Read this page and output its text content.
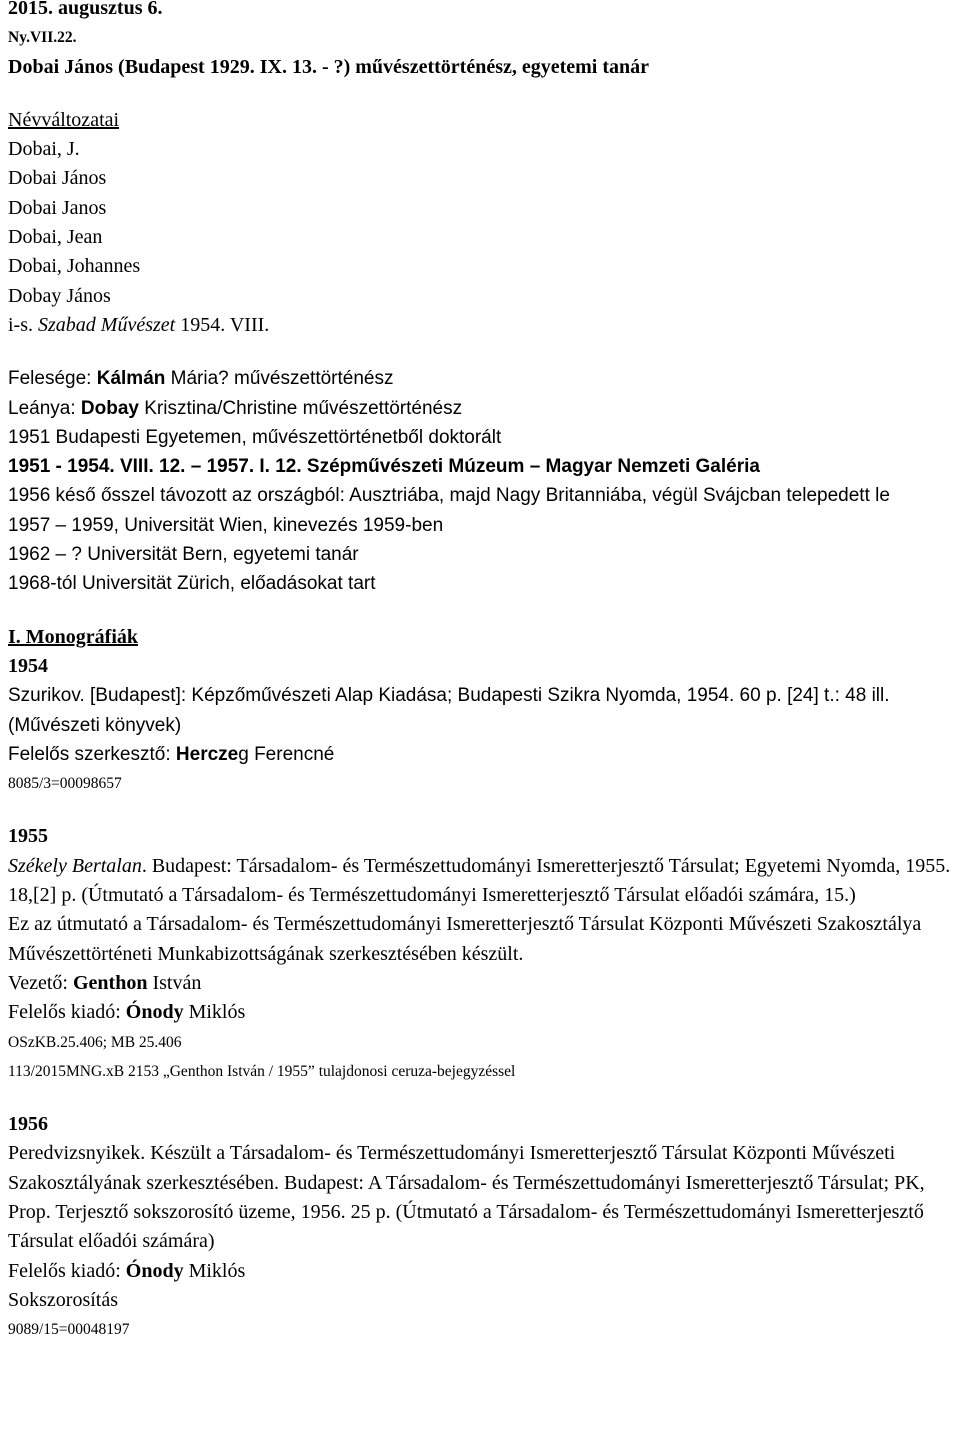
2015. augusztus 6.
Ny.VII.22.
Dobai János (Budapest 1929. IX. 13. - ?) művészettörténész, egyetemi tanár
Névváltozatai
Dobai, J.
Dobai János
Dobai Janos
Dobai, Jean
Dobai, Johannes
Dobay János
i-s. Szabad Művészet 1954. VIII.
Felesége: Kálmán Mária? művészettörténész
Leánya: Dobay Krisztina/Christine művészettörténész
1951 Budapesti Egyetemen, művészettörténetből doktorált
1951 - 1954. VIII. 12. – 1957. I. 12. Szépművészeti Múzeum – Magyar Nemzeti Galéria
1956 késő ősszel távozott az országból: Ausztriába, majd Nagy Britanniába, végül Svájcban telepedett le
1957 – 1959, Universität Wien, kinevezés 1959-ben
1962 – ? Universität Bern, egyetemi tanár
1968-tól Universität Zürich, előadásokat tart
I. Monográfiák
1954
Szurikov. [Budapest]: Képzőművészeti Alap Kiadása; Budapesti Szikra Nyomda, 1954. 60 p. [24] t.: 48 ill. (Művészeti könyvek)
Felelős szerkesztő: Herczeg Ferencné
8085/3=00098657
1955
Székely Bertalan. Budapest: Társadalom- és Természettudományi Ismeretterjesztő Társulat; Egyetemi Nyomda, 1955. 18,[2] p. (Útmutató a Társadalom- és Természettudományi Ismeretterjesztő Társulat előadói számára, 15.)
Ez az útmutató a Társadalom- és Természettudományi Ismeretterjesztő Társulat Központi Művészeti Szakosztálya Művészettörténeti Munkabizottságának szerkesztésében készült.
Vezető: Genthon István
Felelős kiadó: Ónody Miklós
OSzKB.25.406; MB 25.406
113/2015MNG.xB 2153 „Genthon István / 1955” tulajdonosi ceruza-bejegyzéssel
1956
Peredvizsnyikek. Készült a Társadalom- és Természettudományi Ismeretterjesztő Társulat Központi Művészeti Szakosztályának szerkesztésében. Budapest: A Társadalom- és Természettudományi Ismeretterjesztő Társulat; PK, Prop. Terjesztő sokszorosító üzeme, 1956. 25 p. (Útmutató a Társadalom- és Természettudományi Ismeretterjesztő Társulat előadói számára)
Felelős kiadó: Ónody Miklós
Sokszorosítás
9089/15=00048197
